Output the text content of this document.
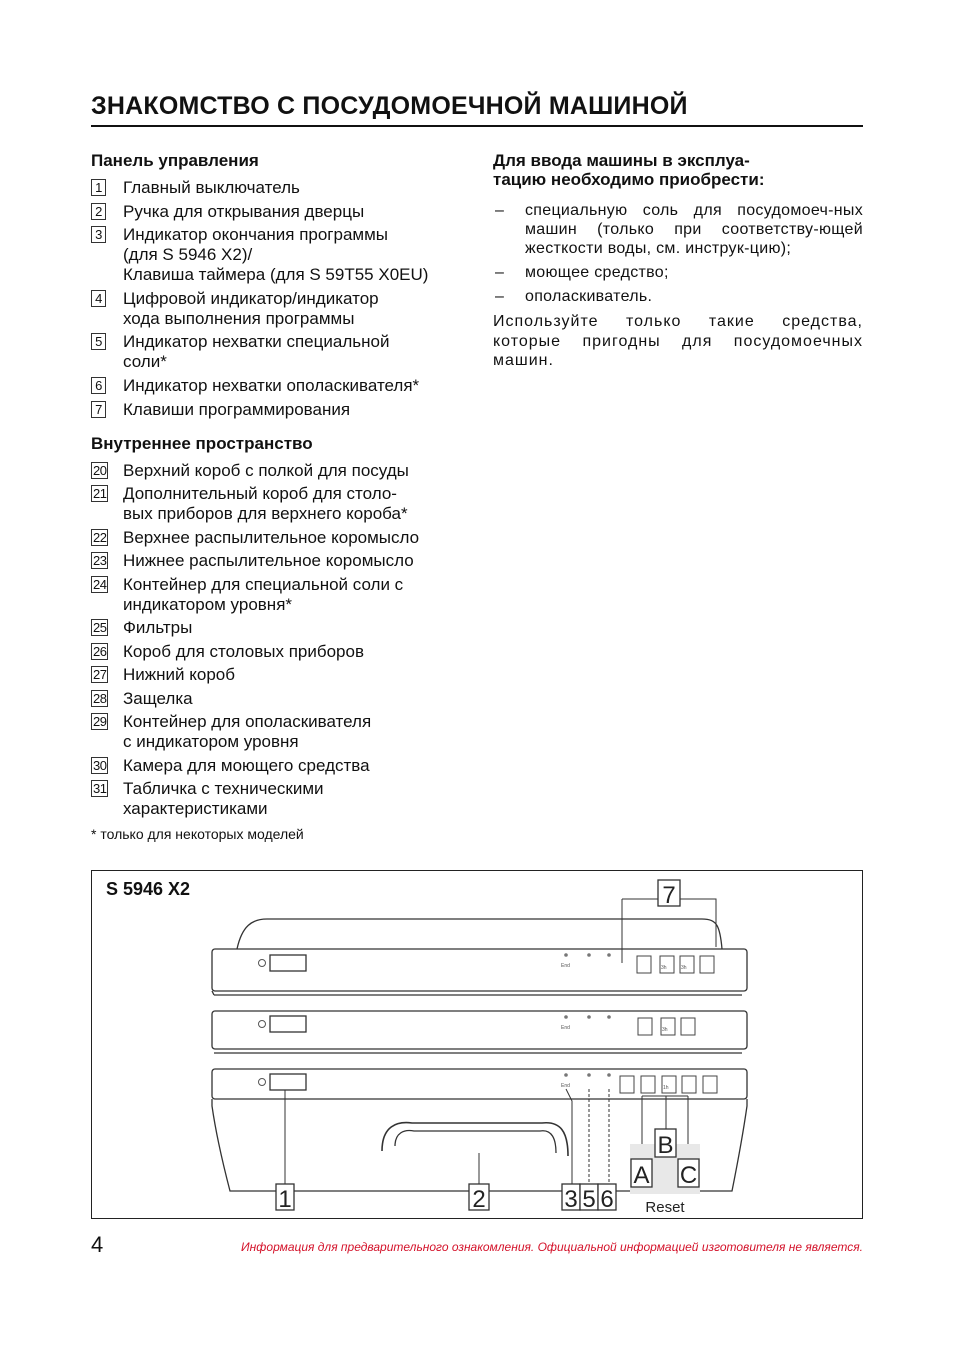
ЗНАКОМСТВО С ПОСУДОМОЕЧНОЙ МАШИНОЙ
Панель управления
1 Главный выключатель
2 Ручка для открывания дверцы
3 Индикатор окончания программы
(для S 5946 X2)/
Клавиша таймера (для S 59T55 X0EU)
4 Цифровой индикатор/индикатор
хода выполнения программы
5 Индикатор нехватки специальной
соли*
6 Индикатор нехватки ополаскивателя*
7 Клавиши программирования
Внутреннее пространство
20 Верхний короб с полкой для посуды
21 Дополнительный короб для столо-
вых приборов для верхнего короба*
22 Верхнее распылительное коромысло
23 Нижнее распылительное коромысло
24 Контейнер для специальной соли с
индикатором уровня*
25 Фильтры
26 Короб для столовых приборов
27 Нижний короб
28 Защелка
29 Контейнер для ополаскивателя
с индикатором уровня
30 Камера для моющего средства
31 Табличка с техническими
характеристиками
* только для некоторых моделей
Для ввода машины в эксплуа-
тацию необходимо приобрести:
– специальную соль для посудомоеч-ных машин (только при соответству-ющей жесткости воды, см. инструк-цию);
– моющее средство;
– ополаскиватель.
Используйте только такие средства, которые пригодны для посудомоечных машин.
S 5946 X2
End
End
End
3h	3h
3h
1h
7
1	2	3 5 6
A
B
C
Reset
4	Информация для предварительного ознакомления. Официальной информацией изготовителя не является.
